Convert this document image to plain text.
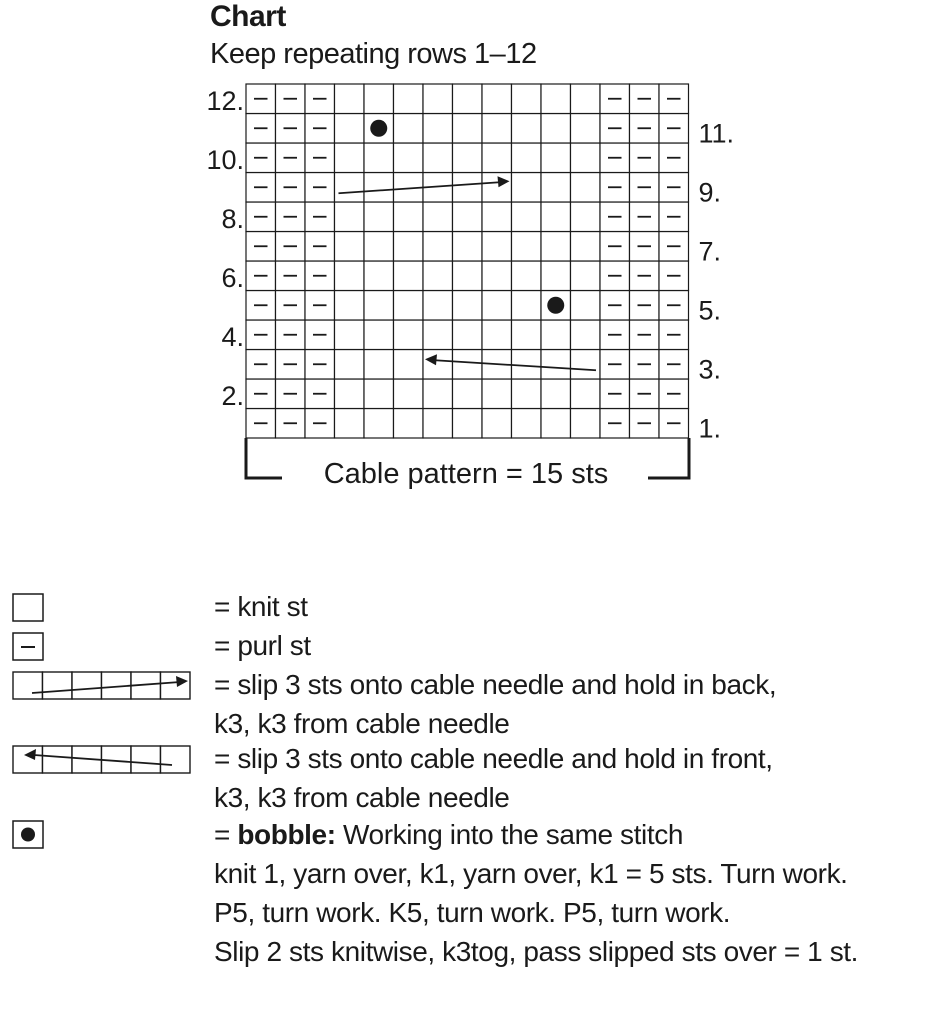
Chart
Keep repeating rows 1–12
12.
10.
8.
6.
4.
2.
11.
9.
7.
5.
3.
1.
Cable pattern = 15 sts
= knit st
= purl st
= slip 3 sts onto cable needle and hold in back,
k3, k3 from cable needle
= slip 3 sts onto cable needle and hold in front,
k3, k3 from cable needle
= bobble: Working into the same stitch
knit 1, yarn over, k1, yarn over, k1 = 5 sts. Turn work.
P5, turn work. K5, turn work. P5, turn work.
Slip 2 sts knitwise, k3tog, pass slipped sts over = 1 st.
